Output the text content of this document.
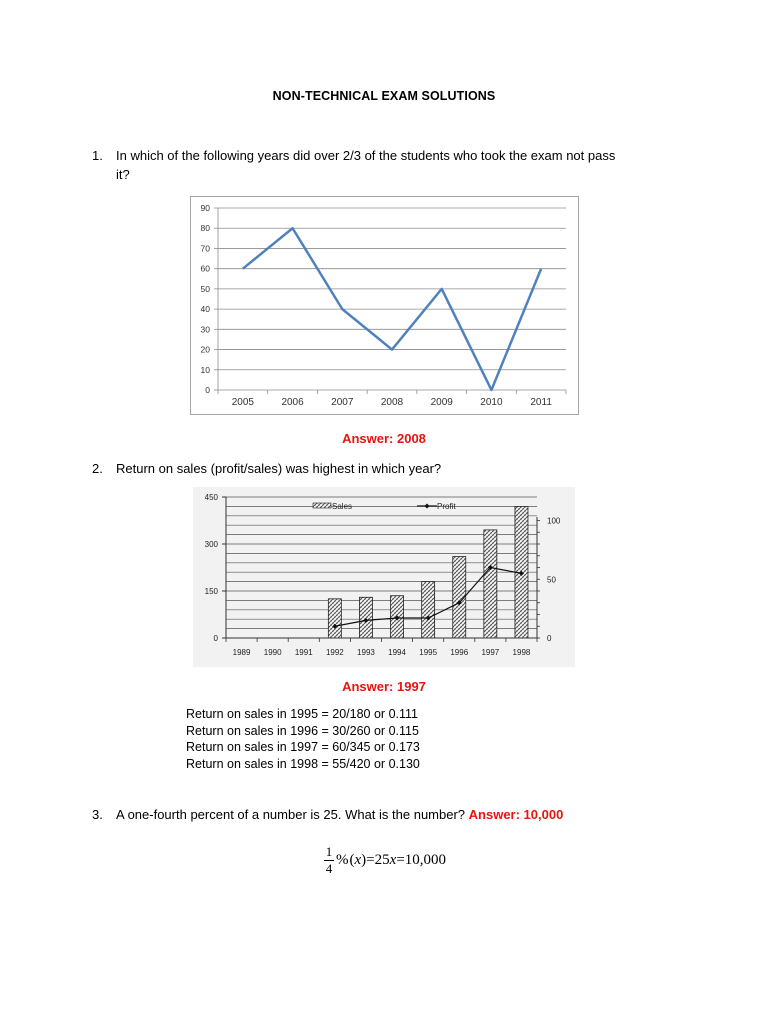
NON-TECHNICAL EXAM SOLUTIONS
1. In which of the following years did over 2/3 of the students who took the exam not pass
it?
0
10
20
30
40
50
60
70
80
90
2005	2006	2007	2008	2009	2010	2011
Answer: 2008
2. Return on sales (profit/sales) was highest in which year?
Sales	Profit
0
150
300
450
0
50
100
1989 1990 1991 1992 1993 1994 1995 1996 1997 1998
Answer: 1997
Return on sales in 1995 = 20/180 or 0.111
Return on sales in 1996 = 30/260 or 0.115
Return on sales in 1997 = 60/345 or 0.173
Return on sales in 1998 = 55/420 or 0.130
3. A one-fourth percent of a number is 25. What is the number? Answer: 10,000
$\frac{1}{4}$ % ( x ) =25 x =10,000
